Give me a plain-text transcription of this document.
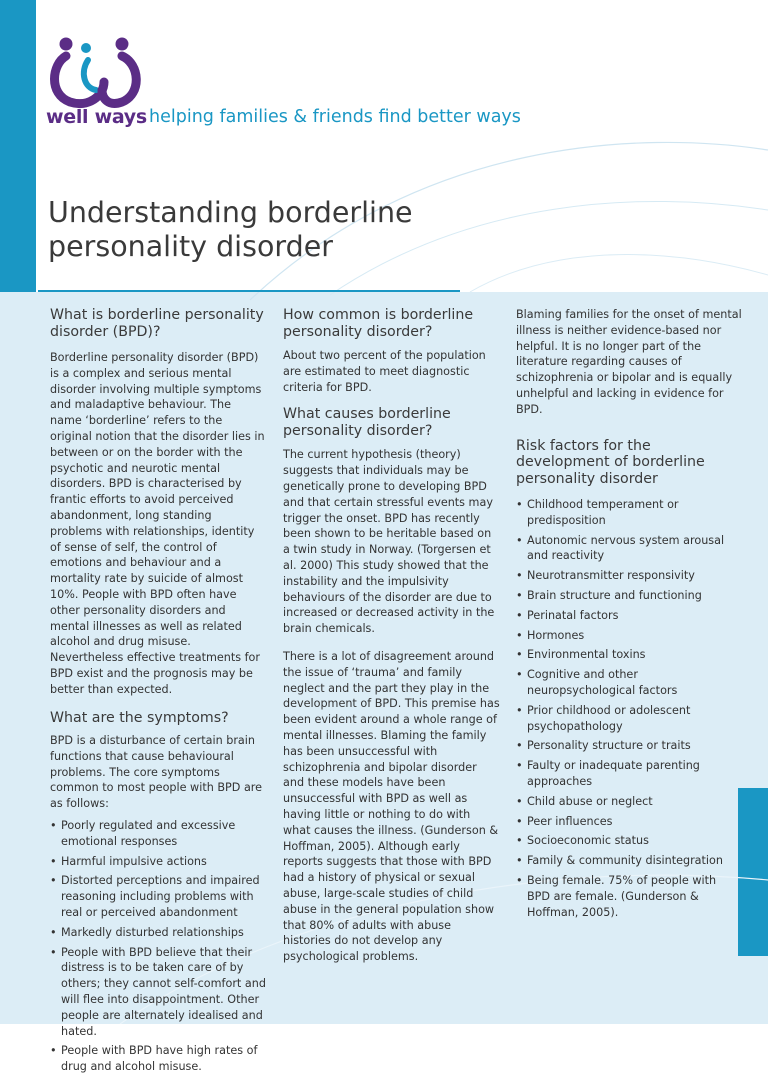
well ways helping families & friends find better ways
Understanding borderline personality disorder
What is borderline personality disorder (BPD)?

Borderline personality disorder (BPD) is a complex and serious mental disorder involving multiple symptoms and maladaptive behaviour. The name ‘borderline’ refers to the original notion that the disorder lies in between or on the border with the psychotic and neurotic mental disorders. BPD is characterised by frantic efforts to avoid perceived abandonment, long standing problems with relationships, identity of sense of self, the control of emotions and behaviour and a mortality rate by suicide of almost 10%. People with BPD often have other personality disorders and mental illnesses as well as related alcohol and drug misuse. Nevertheless effective treatments for BPD exist and the prognosis may be better than expected.

What are the symptoms?

BPD is a disturbance of certain brain functions that cause behavioural problems. The core symptoms common to most people with BPD are as follows:

• Poorly regulated and excessive emotional responses
• Harmful impulsive actions
• Distorted perceptions and impaired reasoning including problems with real or perceived abandonment
• Markedly disturbed relationships
• People with BPD believe that their distress is to be taken care of by others; they cannot self-comfort and will flee into disappointment. Other people are alternately idealised and hated.
• People with BPD have high rates of drug and alcohol misuse.
How common is borderline personality disorder?

About two percent of the population are estimated to meet diagnostic criteria for BPD.

What causes borderline personality disorder?

The current hypothesis (theory) suggests that individuals may be genetically prone to developing BPD and that certain stressful events may trigger the onset. BPD has recently been shown to be heritable based on a twin study in Norway. (Torgersen et al. 2000) This study showed that the instability and the impulsivity behaviours of the disorder are due to increased or decreased activity in the brain chemicals.

There is a lot of disagreement around the issue of ‘trauma’ and family neglect and the part they play in the development of BPD. This premise has been evident around a whole range of mental illnesses. Blaming the family has been unsuccessful with schizophrenia and bipolar disorder and these models have been unsuccessful with BPD as well as having little or nothing to do with what causes the illness. (Gunderson & Hoffman, 2005). Although early reports suggests that those with BPD had a history of physical or sexual abuse, large-scale studies of child abuse in the general population show that 80% of adults with abuse histories do not develop any psychological problems.

Blaming families for the onset of mental illness is neither evidence-based nor helpful. It is no longer part of the literature regarding causes of schizophrenia or bipolar and is equally unhelpful and lacking in evidence for BPD.

Risk factors for the development of borderline personality disorder
• Childhood temperament or predisposition
• Autonomic nervous system arousal and reactivity
• Neurotransmitter responsivity
• Brain structure and functioning
• Perinatal factors
• Hormones
• Environmental toxins
• Cognitive and other neuropsychological factors
• Prior childhood or adolescent psychopathology
• Personality structure or traits
• Faulty or inadequate parenting approaches
• Child abuse or neglect
• Peer influences
• Socioeconomic status
• Family & community disintegration
• Being female. 75% of people with BPD are female. (Gunderson & Hoffman, 2005).
